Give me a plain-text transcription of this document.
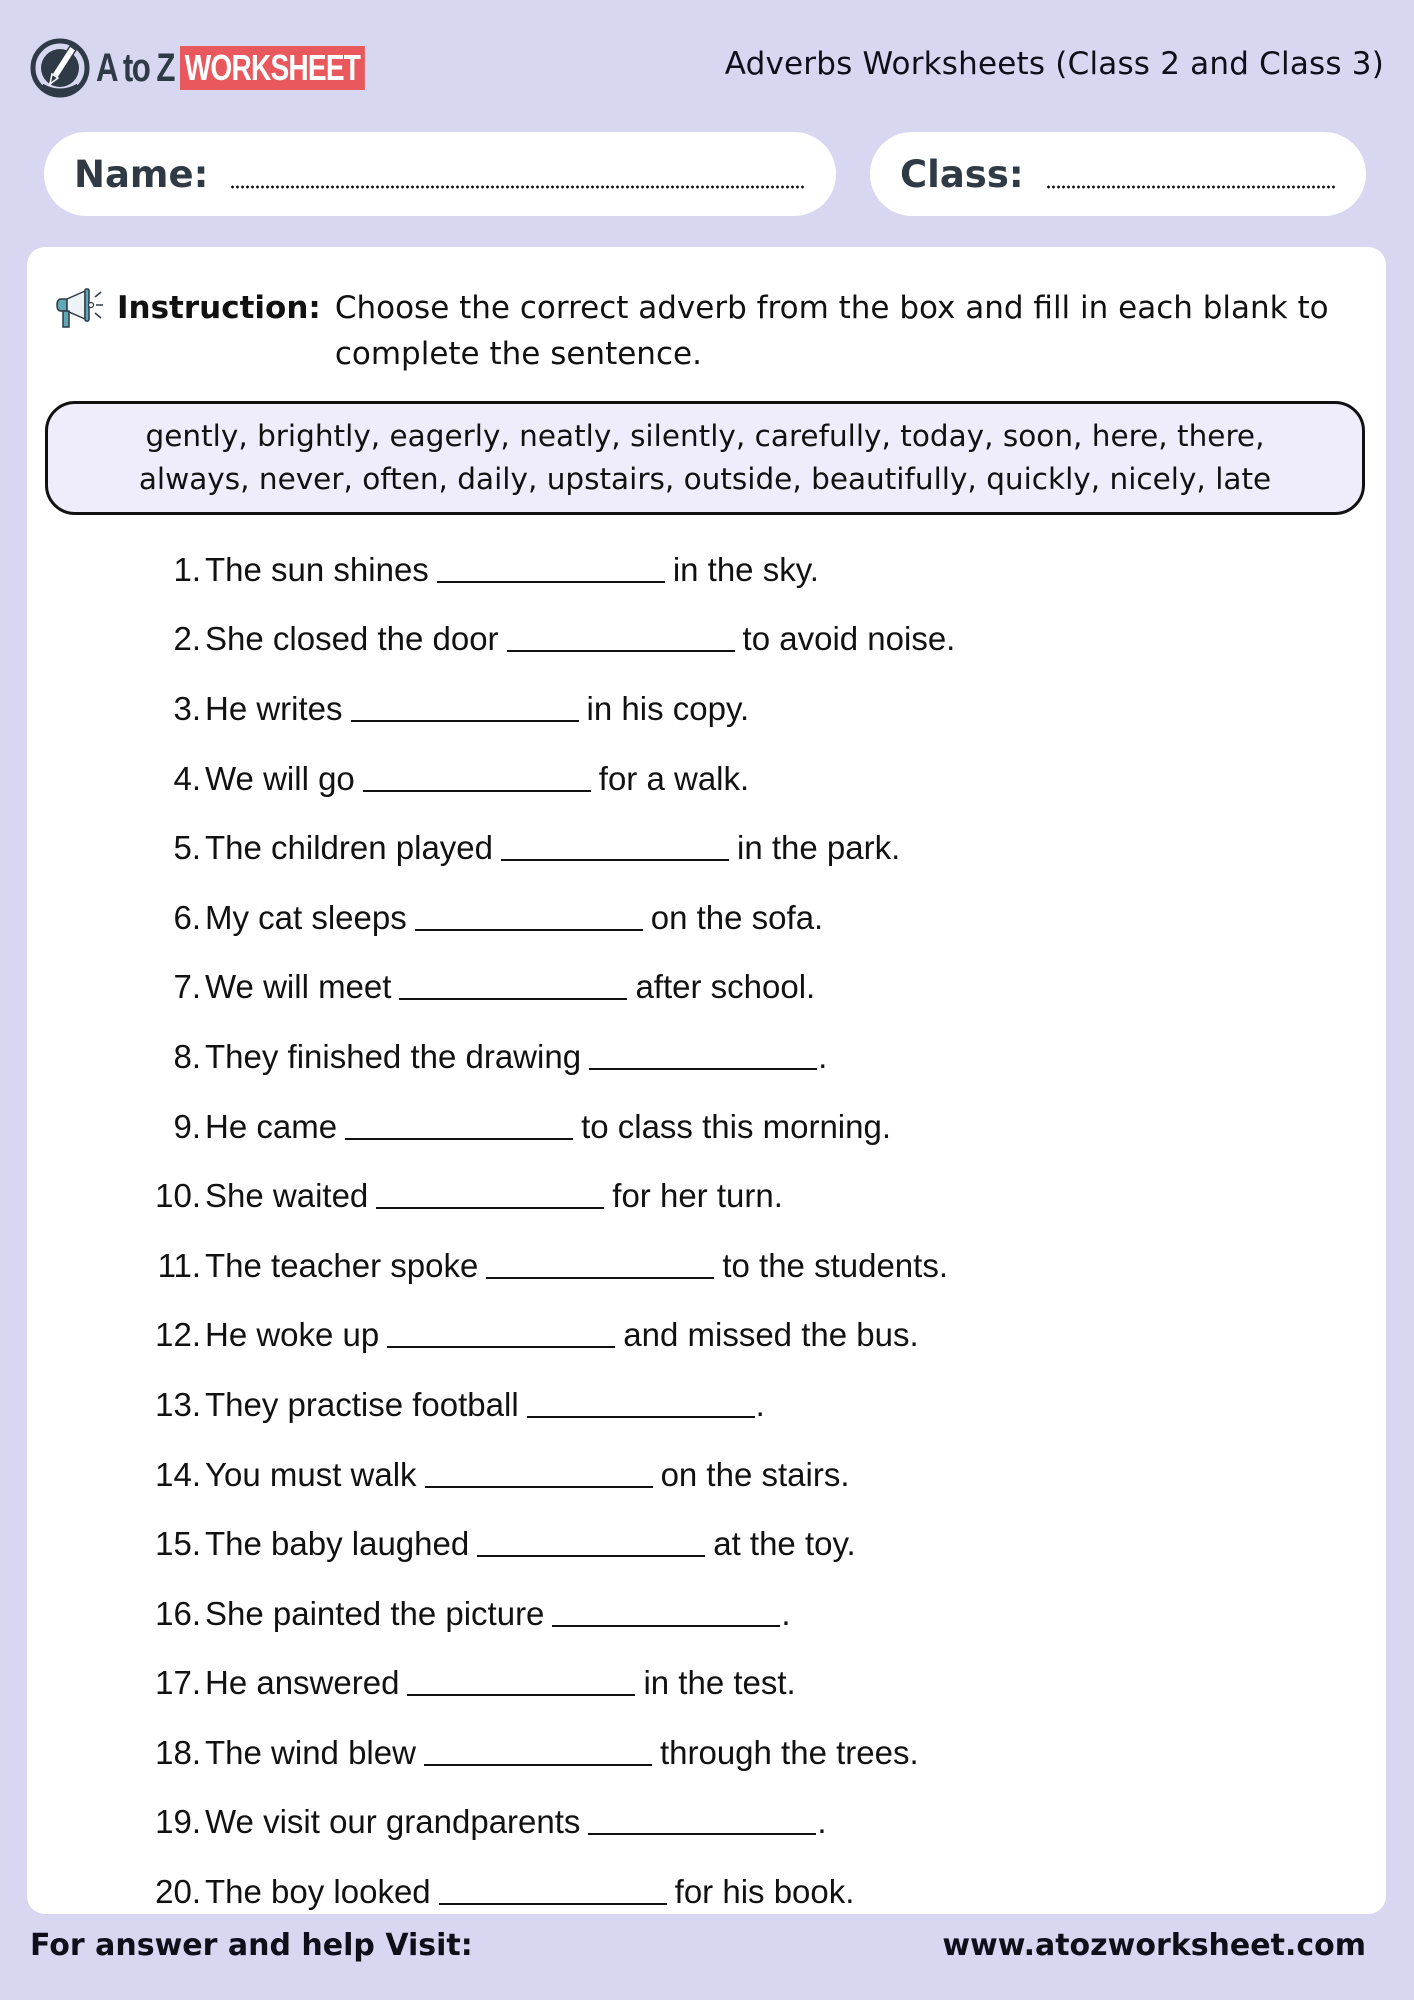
A to Z WORKSHEET	Adverbs Worksheets (Class 2 and Class 3)
Name:	Class:
Instruction: Choose the correct adverb from the box and fill in each blank to complete the sentence.
gently, brightly, eagerly, neatly, silently, carefully, today, soon, here, there,
always, never, often, daily, upstairs, outside, beautifully, quickly, nicely, late
1. The sun shines	in the sky.
2. She closed the door	to avoid noise.
3. He writes	in his copy.
4. We will go	for a walk.
5. The children played	in the park.
6. My cat sleeps	on the sofa.
7. We will meet	after school.
8. They finished the drawing	.
9. He came	to class this morning.
10. She waited	for her turn.
11. The teacher spoke	to the students.
12. He woke up	and missed the bus.
13. They practise football	.
14. You must walk	on the stairs.
15. The baby laughed	at the toy.
16. She painted the picture	.
17. He answered	in the test.
18. The wind blew	through the trees.
19. We visit our grandparents	.
20. The boy looked	for his book.
For answer and help Visit:	www.atozworksheet.com
